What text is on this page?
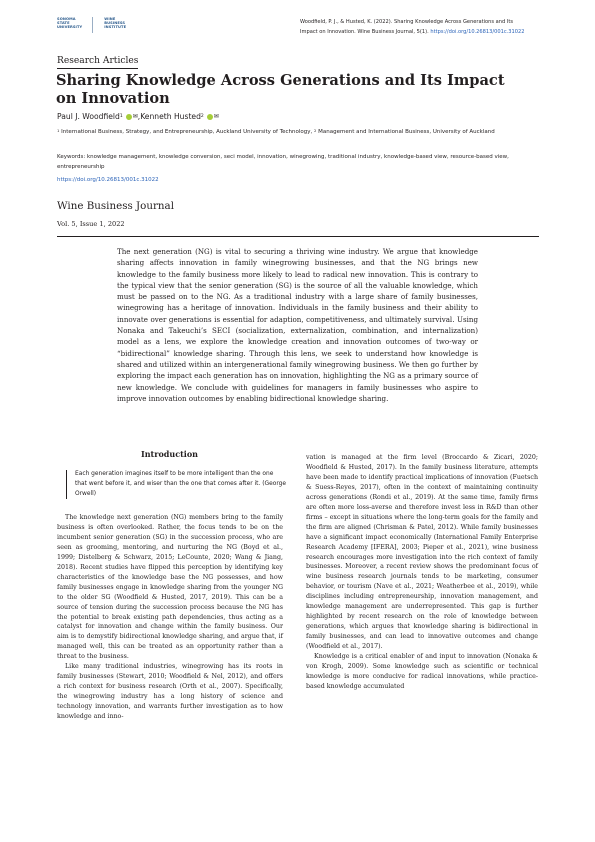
SONOMA
STATE
UNIVERSITY
WINE
BUSINESS
INSTITUTE
Woodfield, P. J., & Husted, K. (2022). Sharing Knowledge Across Generations and Its
Impact on Innovation. Wine Business Journal, 5(1). https://doi.org/10.26813/001c.31022
Research Articles
Sharing Knowledge Across Generations and Its Impact on Innovation
Paul J. Woodfield 1 ✉ , Kenneth Husted 2 ✉
$^1$ International Business, Strategy, and Entrepreneurship, Auckland University of Technology, $^2$ Management and International Business, University of Auckland
Keywords: knowledge management, knowledge conversion, seci model, innovation, winegrowing, traditional industry, knowledge-based view, resource-based view, entrepreneurship
https://doi.org/10.26813/001c.31022
Wine Business Journal
Vol. 5, Issue 1, 2022
The next generation (NG) is vital to securing a thriving wine industry. We argue that knowledge sharing affects innovation in family winegrowing businesses, and that the NG brings new knowledge to the family business more likely to lead to radical new innovation. This is contrary to the typical view that the senior generation (SG) is the source of all the valuable knowledge, which must be passed on to the NG. As a traditional industry with a large share of family businesses, winegrowing has a heritage of innovation. Individuals in the family business and their ability to innovate over generations is essential for adaption, competitiveness, and ultimately survival. Using Nonaka and Takeuchi’s SECI (socialization, externalization, combination, and internalization) model as a lens, we explore the knowledge creation and innovation outcomes of two-way or “bidirectional” knowledge sharing. Through this lens, we seek to understand how knowledge is shared and utilized within an intergenerational family winegrowing business. We then go further by exploring the impact each generation has on innovation, highlighting the NG as a primary source of new knowledge. We conclude with guidelines for managers in family businesses who aspire to improve innovation outcomes by enabling bidirectional knowledge sharing.
Introduction
Each generation imagines itself to be more intelligent than the one that went before it, and wiser than the one that comes after it. (George Orwell)

The knowledge next generation (NG) members bring to the family business is often overlooked. Rather, the focus tends to be on the incumbent senior generation (SG) in the succession process, who are seen as grooming, mentoring, and nurturing the NG (Boyd et al., 1999; Distelberg & Schwarz, 2015; LeCounte, 2020; Wang & Jiang, 2018). Recent studies have flipped this perception by identifying key characteristics of the knowledge base the NG possesses, and how family businesses engage in knowledge sharing from the younger NG to the older SG (Woodfield & Husted, 2017, 2019). This can be a source of tension during the succession process because the NG has the potential to break existing path dependencies, thus acting as a catalyst for innovation and change within the family business. Our aim is to demystify bidirectional knowledge sharing, and argue that, if managed well, this can be treated as an opportunity rather than a threat to the business.

Like many traditional industries, winegrowing has its roots in family businesses (Stewart, 2010; Woodfield & Nel, 2012), and offers a rich context for business research (Orth et al., 2007). Specifically, the winegrowing industry has a long history of science and technology innovation, and warrants further investigation as to how knowledge and inno-

vation is managed at the firm level (Broccardo & Zicari, 2020; Woodfield & Husted, 2017). In the family business literature, attempts have been made to identify practical implications of innovation (Fuetsch & Suess-Reyes, 2017), often in the context of maintaining continuity across generations (Rondi et al., 2019). At the same time, family firms are often more loss-averse and therefore invest less in R&D than other firms – except in situations where the long-term goals for the family and the firm are aligned (Chrisman & Patel, 2012). While family businesses have a significant impact economically (International Family Enterprise Research Academy [IFERA], 2003; Pieper et al., 2021), wine business research encourages more investigation into the rich context of family businesses. Moreover, a recent review shows the predominant focus of wine business research journals tends to be marketing, consumer behavior, or tourism (Nave et al., 2021; Weatherbee et al., 2019), while disciplines including entrepreneurship, innovation management, and knowledge management are underrepresented. This gap is further highlighted by recent research on the role of knowledge between generations, which argues that knowledge sharing is bidirectional in family businesses, and can lead to innovative outcomes and change (Woodfield et al., 2017).

Knowledge is a critical enabler of and input to innovation (Nonaka & von Krogh, 2009). Some knowledge such as scientific or technical knowledge is more conducive for radical innovations, while practice-based knowledge accumulated
